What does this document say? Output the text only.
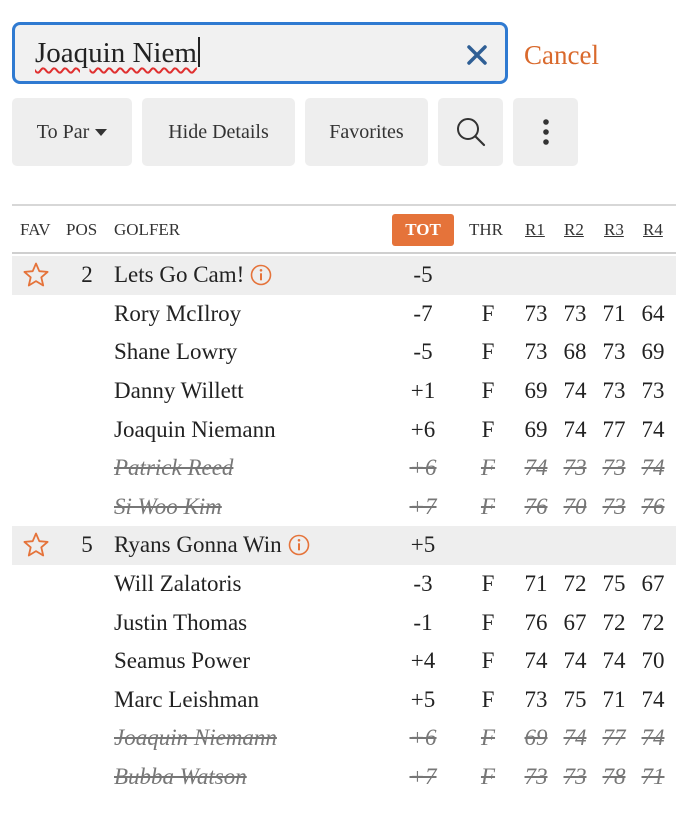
Joaquin Niem	Cancel
To Par	Hide Details	Favorites
FAV POS GOLFER	TOT	THR R1 R2 R3 R4
2 Lets Go Cam!	-5
Rory McIlroy	-7	F	73 73 71 64
Shane Lowry	-5	F	73 68 73 69
Danny Willett	+1	F	69 74 73 73
Joaquin Niemann	+6	F	69 74 77 74
Patrick Reed	+6	F	74 73 73 74
Si Woo Kim	+7	F	76 70 73 76
5 Ryans Gonna Win	+5
Will Zalatoris	-3	F	71 72 75 67
Justin Thomas	-1	F	76 67 72 72
Seamus Power	+4	F	74 74 74 70
Marc Leishman	+5	F	73 75 71 74
Joaquin Niemann	+6	F	69 74 77 74
Bubba Watson	+7	F	73 73 78 71
